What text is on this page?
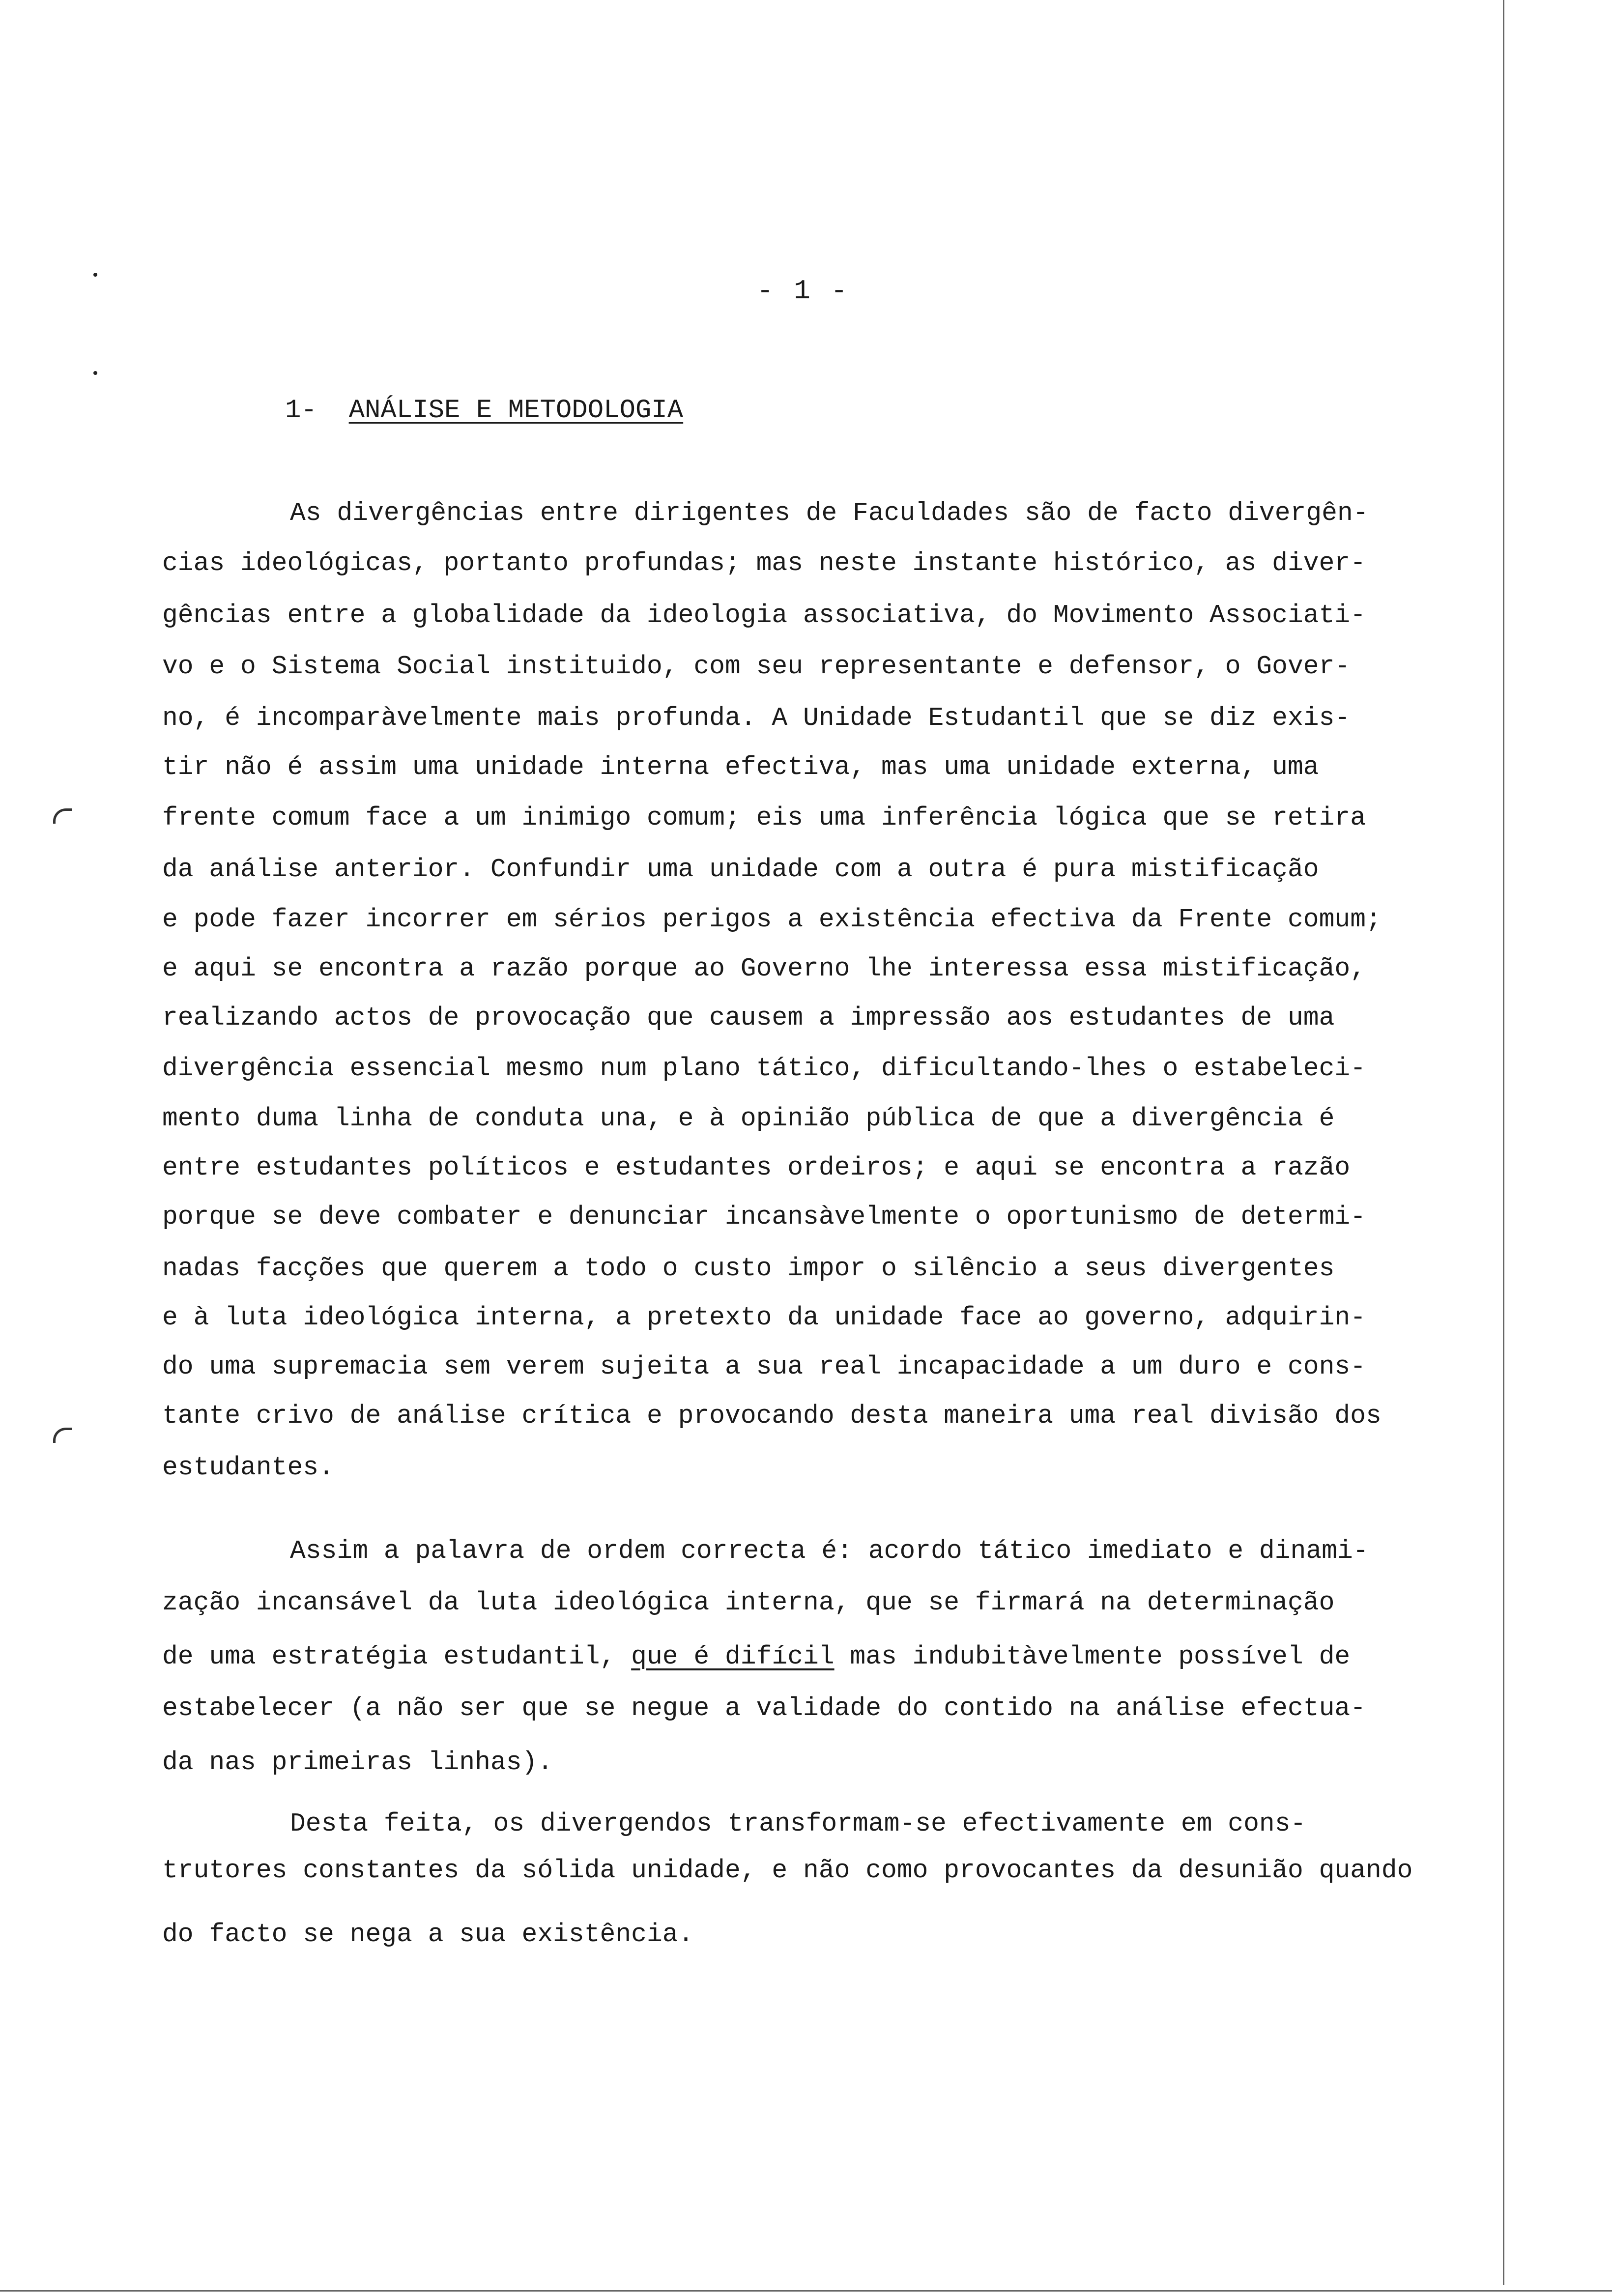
- 1 -
1- ANÁLISE E METODOLOGIA
As divergências entre dirigentes de Faculdades são de facto divergên-
cias ideológicas, portanto profundas; mas neste instante histórico, as diver-
gências entre a globalidade da ideologia associativa, do Movimento Associati-
vo e o Sistema Social instituido, com seu representante e defensor, o Gover-
no, é incomparàvelmente mais profunda. A Unidade Estudantil que se diz exis-
tir não é assim uma unidade interna efectiva, mas uma unidade externa, uma
frente comum face a um inimigo comum; eis uma inferência lógica que se retira
da análise anterior. Confundir uma unidade com a outra é pura mistificação
e pode fazer incorrer em sérios perigos a existência efectiva da Frente comum;
e aqui se encontra a razão porque ao Governo lhe interessa essa mistificação,
realizando actos de provocação que causem a impressão aos estudantes de uma
divergência essencial mesmo num plano tático, dificultando-lhes o estabeleci-
mento duma linha de conduta una, e à opinião pública de que a divergência é
entre estudantes políticos e estudantes ordeiros; e aqui se encontra a razão
porque se deve combater e denunciar incansàvelmente o oportunismo de determi-
nadas facções que querem a todo o custo impor o silêncio a seus divergentes
e à luta ideológica interna, a pretexto da unidade face ao governo, adquirin-
do uma supremacia sem verem sujeita a sua real incapacidade a um duro e cons-
tante crivo de análise crítica e provocando desta maneira uma real divisão dos
estudantes.
Assim a palavra de ordem correcta é: acordo tático imediato e dinami-
zação incansável da luta ideológica interna, que se firmará na determinação
de uma estratégia estudantil, que é difícil mas indubitàvelmente possível de
estabelecer (a não ser que se negue a validade do contido na análise efectua-
da nas primeiras linhas).
Desta feita, os divergendos transformam-se efectivamente em cons-
trutores constantes da sólida unidade, e não como provocantes da desunião quando
do facto se nega a sua existência.
